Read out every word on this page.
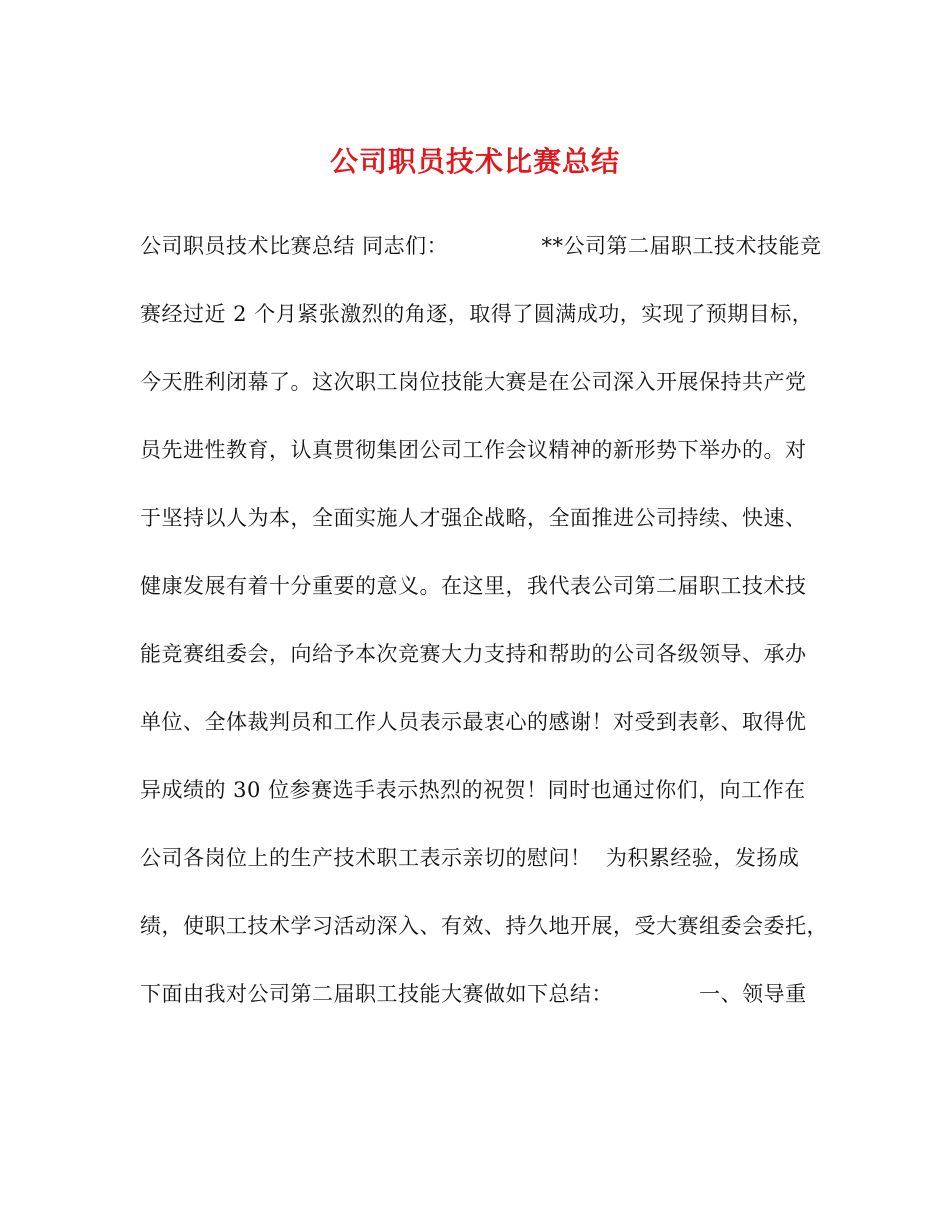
公司职员技术比赛总结
公司职员技术比赛总结 同志们：             **公司第二届职工技术技能竞
赛经过近 2 个月紧张激烈的角逐，取得了圆满成功，实现了预期目标，
今天胜利闭幕了。这次职工岗位技能大赛是在公司深入开展保持共产党
员先进性教育，认真贯彻集团公司工作会议精神的新形势下举办的。对
于坚持以人为本，全面实施人才强企战略，全面推进公司持续、快速、
健康发展有着十分重要的意义。在这里，我代表公司第二届职工技术技
能竞赛组委会，向给予本次竞赛大力支持和帮助的公司各级领导、承办
单位、全体裁判员和工作人员表示最衷心的感谢！对受到表彰、取得优
异成绩的 30 位参赛选手表示热烈的祝贺！同时也通过你们，向工作在
公司各岗位上的生产技术职工表示亲切的慰问！  为积累经验，发扬成
绩，使职工技术学习活动深入、有效、持久地开展，受大赛组委会委托，
下面由我对公司第二届职工技能大赛做如下总结：            一、领导重
